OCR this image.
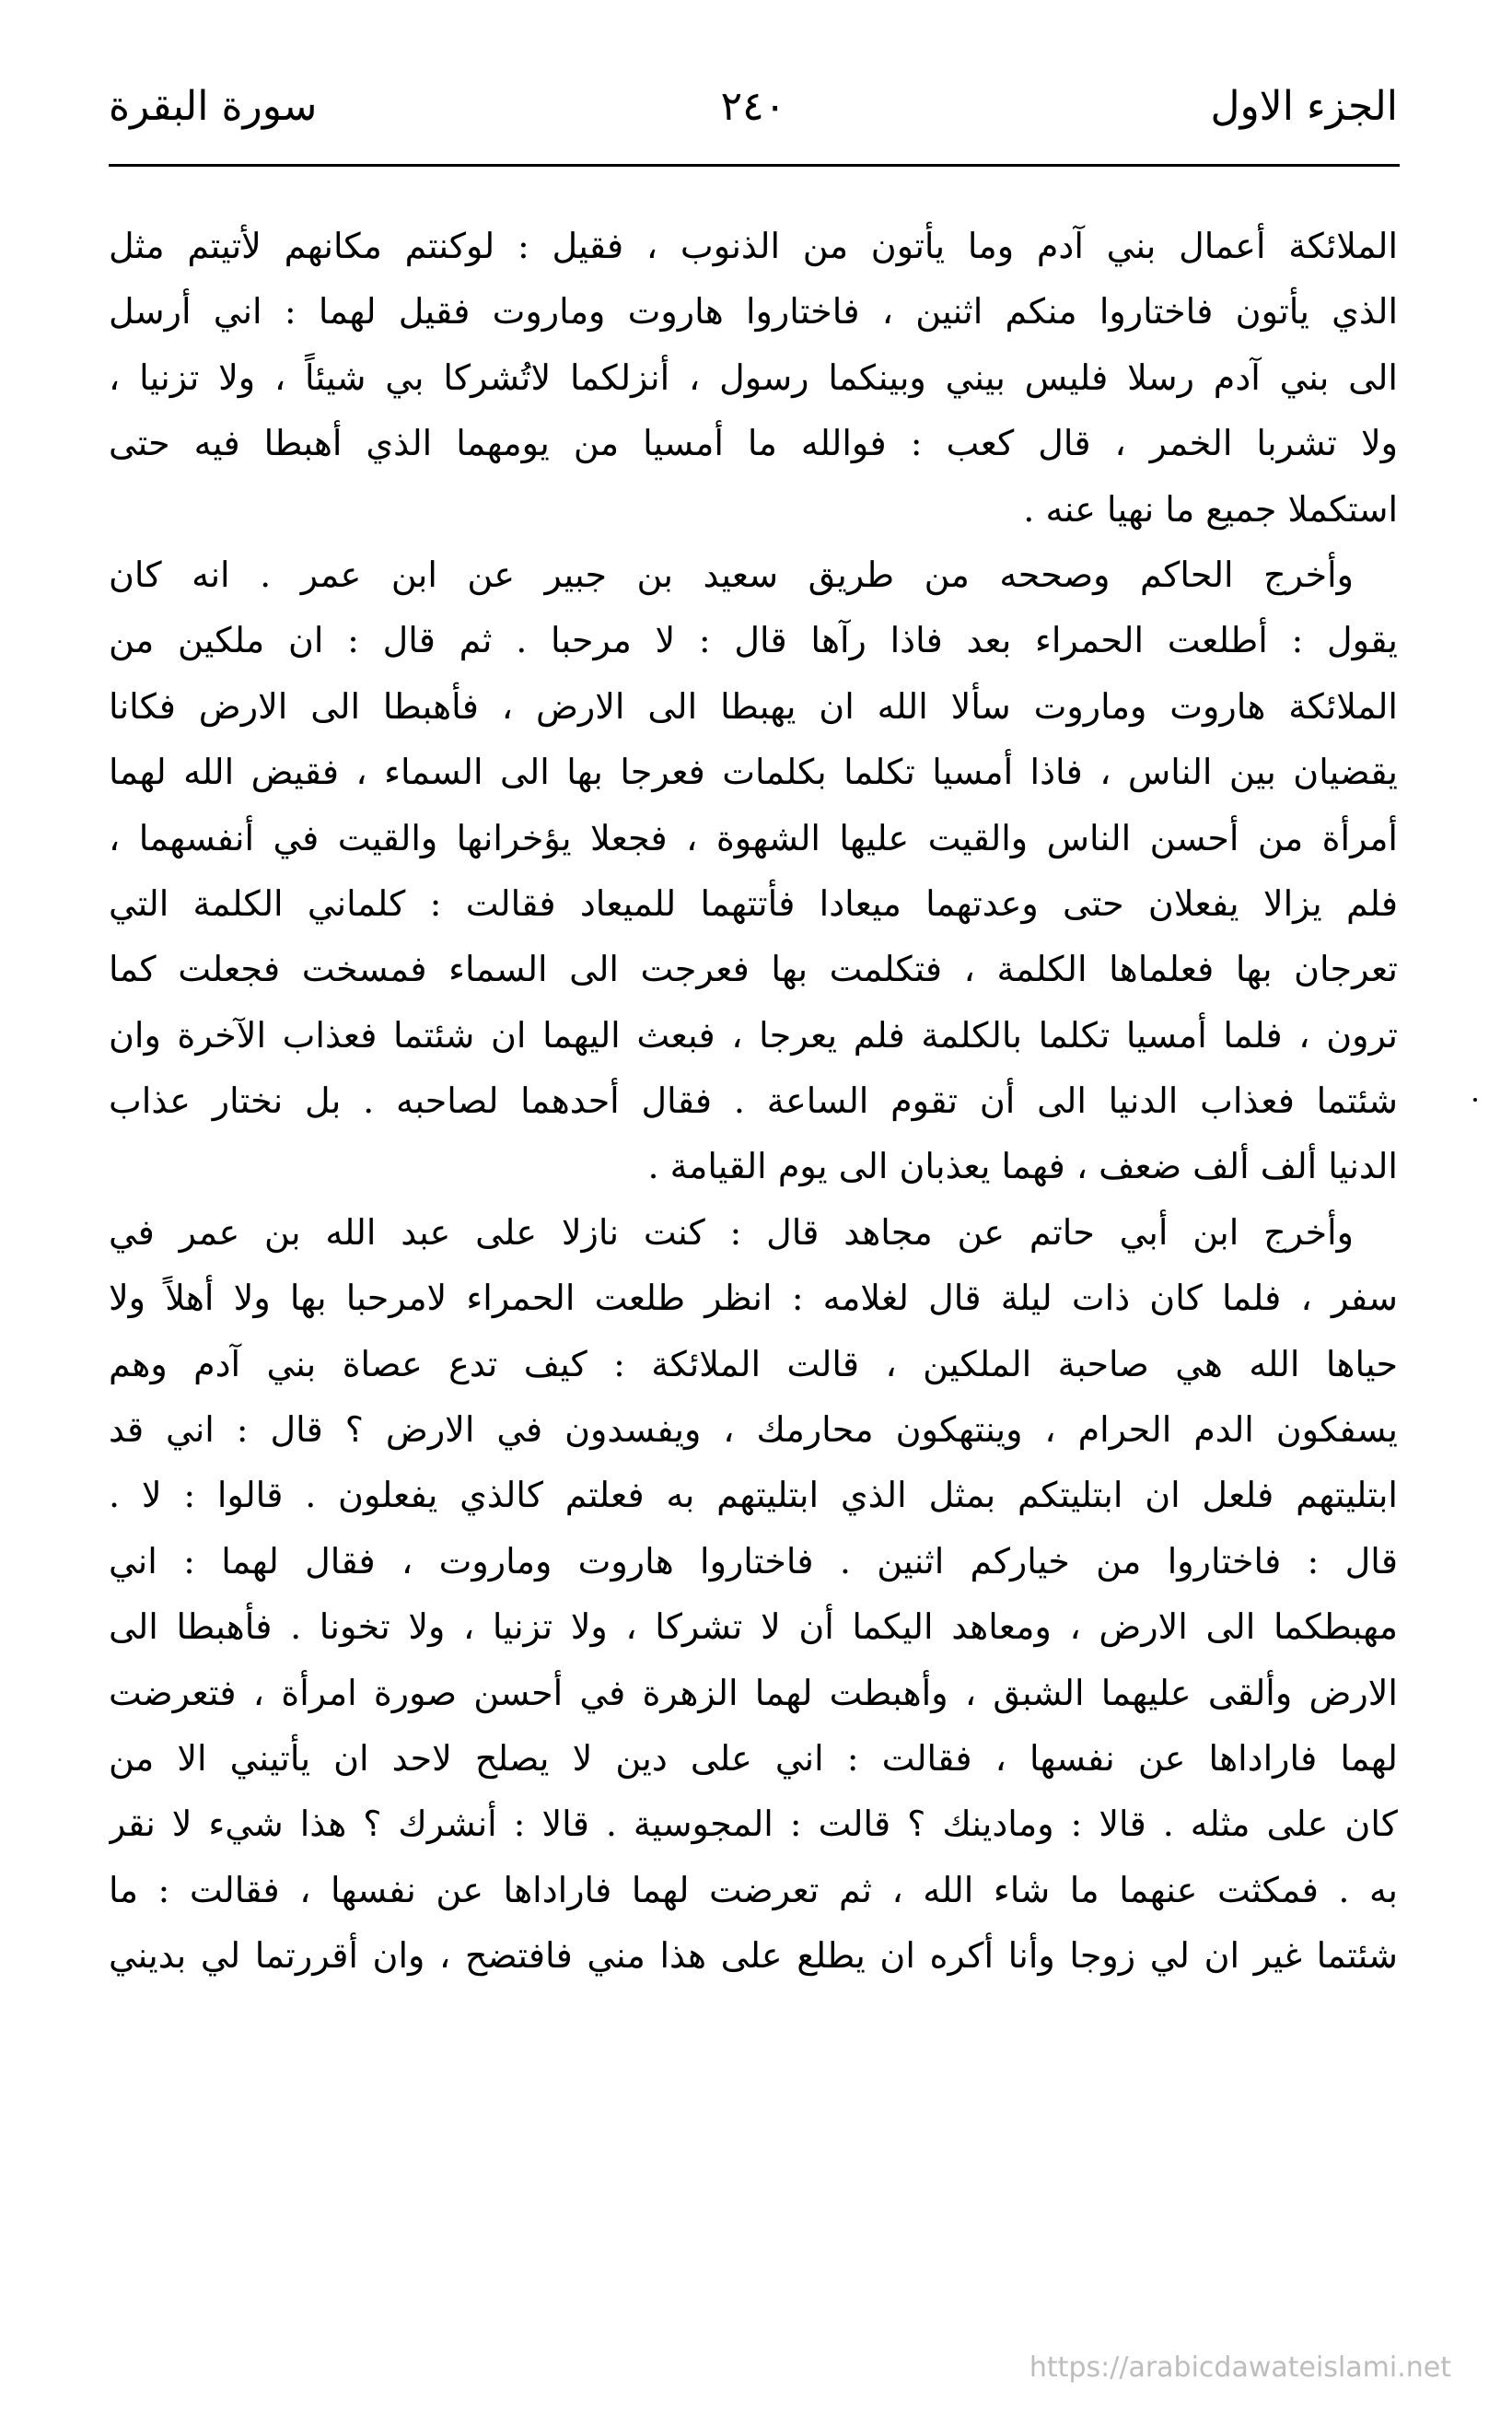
الجزء الاول
٢٤٠
سورة البقرة
الملائكة أعمال بني آدم وما يأتون من الذنوب ، فقيل : لوكنتم مكانهم لأتيتم مثل
الذي يأتون فاختاروا منكم اثنين ، فاختاروا هاروت وماروت فقيل لهما : اني أرسل
الى بني آدم رسلا فليس بيني وبينكما رسول ، أنزلكما لاتُشركا بي شيئاً ، ولا تزنيا ،
ولا تشربا الخمر ، قال كعب : فوالله ما أمسيا من يومهما الذي أهبطا فيه حتى
استكملا جميع ما نهيا عنه .
وأخرج الحاكم وصححه من طريق سعيد بن جبير عن ابن عمر . انه كان
يقول : أطلعت الحمراء بعد فاذا رآها قال : لا مرحبا . ثم قال : ان ملكين من
الملائكة هاروت وماروت سألا الله ان يهبطا الى الارض ، فأهبطا الى الارض فكانا
يقضيان بين الناس ، فاذا أمسيا تكلما بكلمات فعرجا بها الى السماء ، فقيض الله لهما
أمرأة من أحسن الناس والقيت عليها الشهوة ، فجعلا يؤخرانها والقيت في أنفسهما ،
فلم يزالا يفعلان حتى وعدتهما ميعادا فأتتهما للميعاد فقالت : كلماني الكلمة التي
تعرجان بها فعلماها الكلمة ، فتكلمت بها فعرجت الى السماء فمسخت فجعلت كما
ترون ، فلما أمسيا تكلما بالكلمة فلم يعرجا ، فبعث اليهما ان شئتما فعذاب الآخرة وان
شئتما فعذاب الدنيا الى أن تقوم الساعة . فقال أحدهما لصاحبه . بل نختار عذاب
الدنيا ألف ألف ضعف ، فهما يعذبان الى يوم القيامة .
وأخرج ابن أبي حاتم عن مجاهد قال : كنت نازلا على عبد الله بن عمر في
سفر ، فلما كان ذات ليلة قال لغلامه : انظر طلعت الحمراء لامرحبا بها ولا أهلاً ولا
حياها الله هي صاحبة الملكين ، قالت الملائكة : كيف تدع عصاة بني آدم وهم
يسفكون الدم الحرام ، وينتهكون محارمك ، ويفسدون في الارض ؟ قال : اني قد
ابتليتهم فلعل ان ابتليتكم بمثل الذي ابتليتهم به فعلتم كالذي يفعلون . قالوا : لا .
قال : فاختاروا من خياركم اثنين . فاختاروا هاروت وماروت ، فقال لهما : اني
مهبطكما الى الارض ، ومعاهد اليكما أن لا تشركا ، ولا تزنيا ، ولا تخونا . فأهبطا الى
الارض وألقى عليهما الشبق ، وأهبطت لهما الزهرة في أحسن صورة امرأة ، فتعرضت
لهما فاراداها عن نفسها ، فقالت : اني على دين لا يصلح لاحد ان يأتيني الا من
كان على مثله . قالا : ومادينك ؟ قالت : المجوسية . قالا : أنشرك ؟ هذا شيء لا نقر
به . فمكثت عنهما ما شاء الله ، ثم تعرضت لهما فاراداها عن نفسها ، فقالت : ما
شئتما غير ان لي زوجا وأنا أكره ان يطلع على هذا مني فافتضح ، وان أقررتما لي بديني
https://arabicdawateislami.net
